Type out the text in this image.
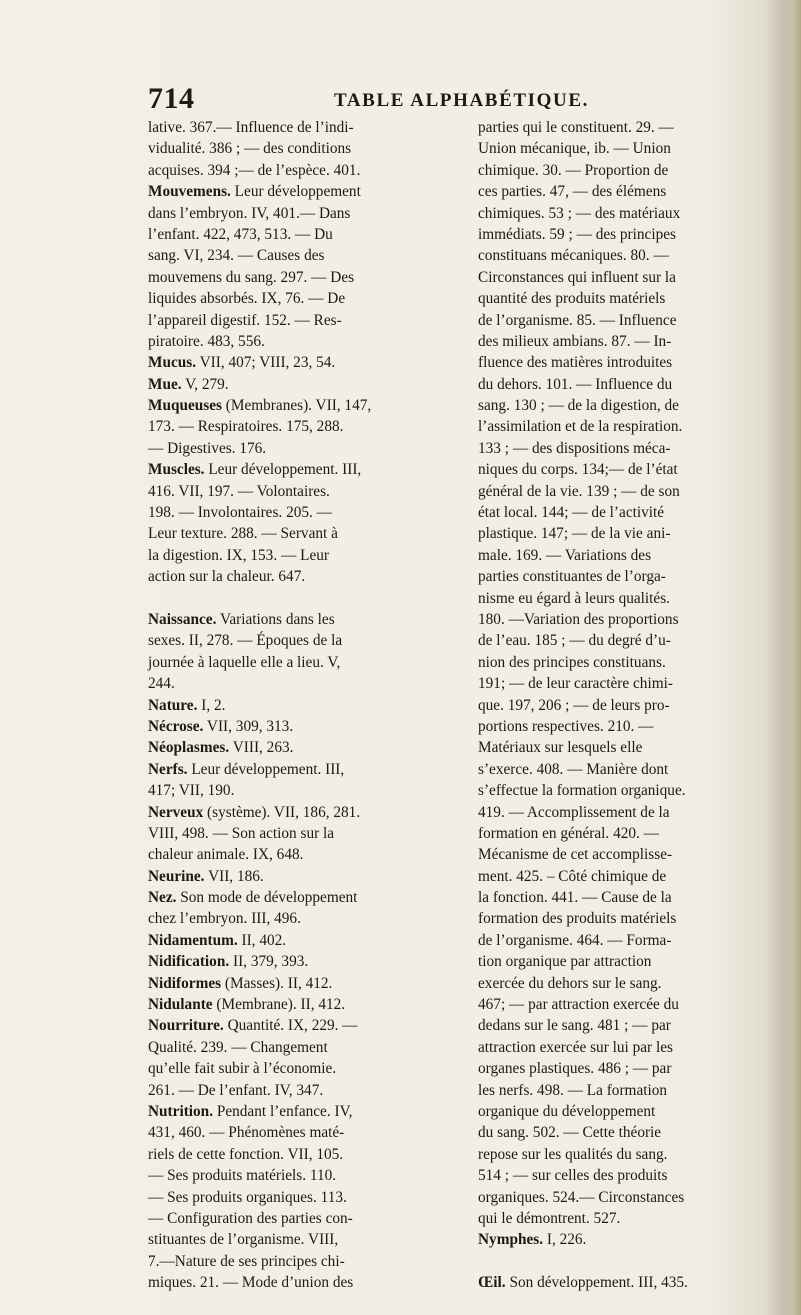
714	TABLE ALPHABÉTIQUE.
lative. 367.— Influence de l’indi-
vidualité. 386 ; — des conditions
acquises. 394 ;— de l’espèce. 401.
Mouvemens. Leur développement
dans l’embryon. IV, 401.— Dans
l’enfant. 422, 473, 513. — Du
sang. VI, 234. — Causes des
mouvemens du sang. 297. — Des
liquides absorbés. IX, 76. — De
l’appareil digestif. 152. — Res-
piratoire. 483, 556.
Mucus. VII, 407; VIII, 23, 54.
Mue. V, 279.
Muqueuses (Membranes). VII, 147,
173. — Respiratoires. 175, 288.
— Digestives. 176.
Muscles. Leur développement. III,
416. VII, 197. — Volontaires.
198. — Involontaires. 205. —
Leur texture. 288. — Servant à
la digestion. IX, 153. — Leur
action sur la chaleur. 647.
Naissance. Variations dans les
sexes. II, 278. — Époques de la
journée à laquelle elle a lieu. V,
244.
Nature. I, 2.
Nécrose. VII, 309, 313.
Néoplasmes. VIII, 263.
Nerfs. Leur développement. III,
417; VII, 190.
Nerveux (système). VII, 186, 281.
VIII, 498. — Son action sur la
chaleur animale. IX, 648.
Neurine. VII, 186.
Nez. Son mode de développement
chez l’embryon. III, 496.
Nidamentum. II, 402.
Nidification. II, 379, 393.
Nidiformes (Masses). II, 412.
Nidulante (Membrane). II, 412.
Nourriture. Quantité. IX, 229. —
Qualité. 239. — Changement
qu’elle fait subir à l’économie.
261. — De l’enfant. IV, 347.
Nutrition. Pendant l’enfance. IV,
431, 460. — Phénomènes maté-
riels de cette fonction. VII, 105.
— Ses produits matériels. 110.
— Ses produits organiques. 113.
— Configuration des parties con-
stituantes de l’organisme. VIII,
7.—Nature de ses principes chi-
miques. 21. — Mode d’union des
parties qui le constituent. 29. —
Union mécanique, ib. — Union
chimique. 30. — Proportion de
ces parties. 47, — des élémens
chimiques. 53 ; — des matériaux
immédiats. 59 ; — des principes
constituans mécaniques. 80. —
Circonstances qui influent sur la
quantité des produits matériels
de l’organisme. 85. — Influence
des milieux ambians. 87. — In-
fluence des matières introduites
du dehors. 101. — Influence du
sang. 130 ; — de la digestion, de
l’assimilation et de la respiration.
133 ; — des dispositions méca-
niques du corps. 134;— de l’état
général de la vie. 139 ; — de son
état local. 144; — de l’activité
plastique. 147; — de la vie ani-
male. 169. — Variations des
parties constituantes de l’orga-
nisme eu égard à leurs qualités.
180. —Variation des proportions
de l’eau. 185 ; — du degré d’u-
nion des principes constituans.
191; — de leur caractère chimi-
que. 197, 206 ; — de leurs pro-
portions respectives. 210. —
Matériaux sur lesquels elle
s’exerce. 408. — Manière dont
s’effectue la formation organique.
419. — Accomplissement de la
formation en général. 420. —
Mécanisme de cet accomplisse-
ment. 425. – Côté chimique de
la fonction. 441. — Cause de la
formation des produits matériels
de l’organisme. 464. — Forma-
tion organique par attraction
exercée du dehors sur le sang.
467; — par attraction exercée du
dedans sur le sang. 481 ; — par
attraction exercée sur lui par les
organes plastiques. 486 ; — par
les nerfs. 498. — La formation
organique du développement
du sang. 502. — Cette théorie
repose sur les qualités du sang.
514 ; — sur celles des produits
organiques. 524.— Circonstances
qui le démontrent. 527.
Nymphes. I, 226.
Œil. Son développement. III, 435.
